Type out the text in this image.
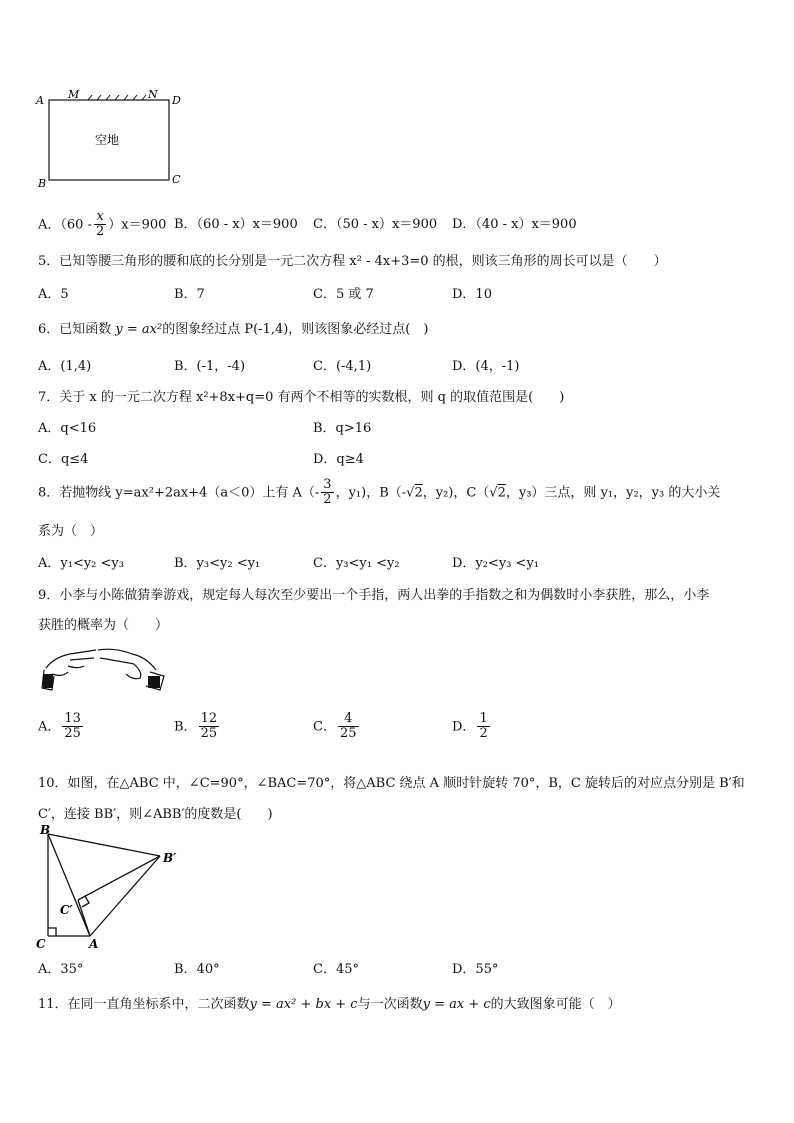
A M	N D
B	C
空地
A．$(60 - \frac{x}{2} )x=900$ B．（60 - x）x＝900 C．（50 - x）x＝900 D．（40 - x）x＝900
5．已知等腰三角形的腰和底的长分别是一元二次方程 x² - 4x+3=0 的根，则该三角形的周长可以是（　　）
A．5	B．7	C．5 或 7	D．10
6．已知函数 y = ax²的图象经过点 P(-1,4)，则该图象必经过点(　)
A．(1,4)	B．(-1，-4)	C．(-4,1)	D．(4，-1)
7．关于 x 的一元二次方程 x²+8x+q=0 有两个不相等的实数根，则 q 的取值范围是(　　)
A．q<16	B．q>16
C．q≤4	D．q≥4
8．若抛物线 y=ax²+2ax+4（a＜0）上有 $A(- \frac{3}{2}$ ，y₁)，B（-√2，y₂)，C（√2，y₃）三点，则 y₁，y₂，y₃ 的大小关
系为（　）
A．y₁<y₂ <y₃	B．y₃<y₂ <y₁	C．y₃<y₁ <y₂	D．y₂<y₃ <y₁
9．小李与小陈做猜拳游戏，规定每人每次至少要出一个手指，两人出拳的手指数之和为偶数时小李获胜，那么，小李
获胜的概率为（　　）
A． $\frac{13}{25}$	B． $\frac{12}{25}$	C． $\frac{4}{25}$	D． $\frac{1}{2}$
10．如图，在△ABC 中，∠C=90°，∠BAC=70°，将△ABC 绕点 A 顺时针旋转 70°，B，C 旋转后的对应点分别是 B′和
C′，连接 BB′，则∠ABB′的度数是(　　)
B
B′
C′
C	A
A．35°	B．40°	C．45°	D．55°
11．在同一直角坐标系中，二次函数y = ax² + bx + c与一次函数y = ax + c的大致图象可能（　）
